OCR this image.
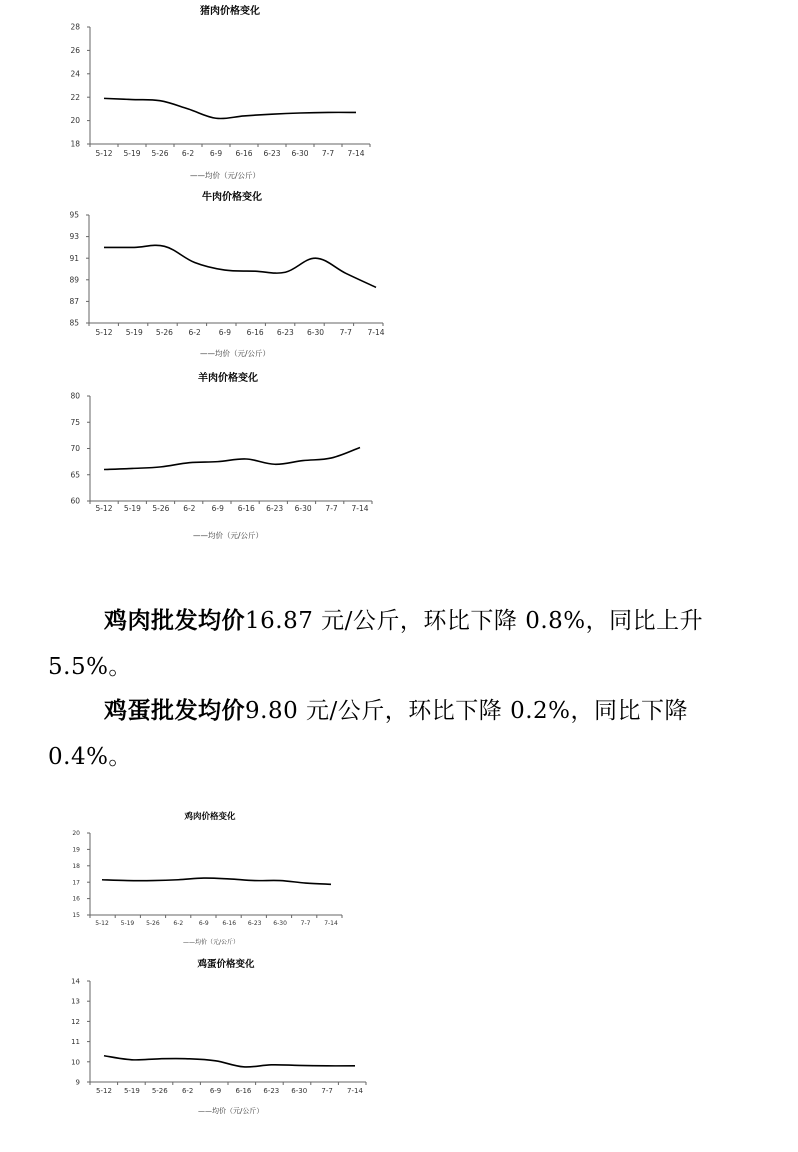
猪肉价格变化
18
20
22
24
26
28
5-12 5-19 5-26 6-2 6-9 6-16 6-23 6-30 7-7 7-14
——均价（元/公斤）
牛肉价格变化
85
87
89
91
93
95
5-12 5-19 5-26 6-2 6-9 6-16 6-23 6-30 7-7 7-14
——均价（元/公斤）
羊肉价格变化
60
65
70
75
80
5-12 5-19 5-26 6-2 6-9 6-16 6-23 6-30 7-7 7-14
——均价（元/公斤）
鸡肉批发均价16.87 元/公斤，环比下降 0.8%，同比上升 5.5%。
鸡蛋批发均价9.80 元/公斤，环比下降 0.2%，同比下降 0.4%。
鸡肉价格变化
15
16
17
18
19
20
5-12 5-19 5-26 6-2	6-9 6-16 6-23 6-30 7-7 7-14
——均价（元/公斤）
鸡蛋价格变化
9
10
11
12
13
14
5-12 5-19 5-26 6-2 6-9 6-16 6-23 6-30 7-7 7-14
——均价（元/公斤）
